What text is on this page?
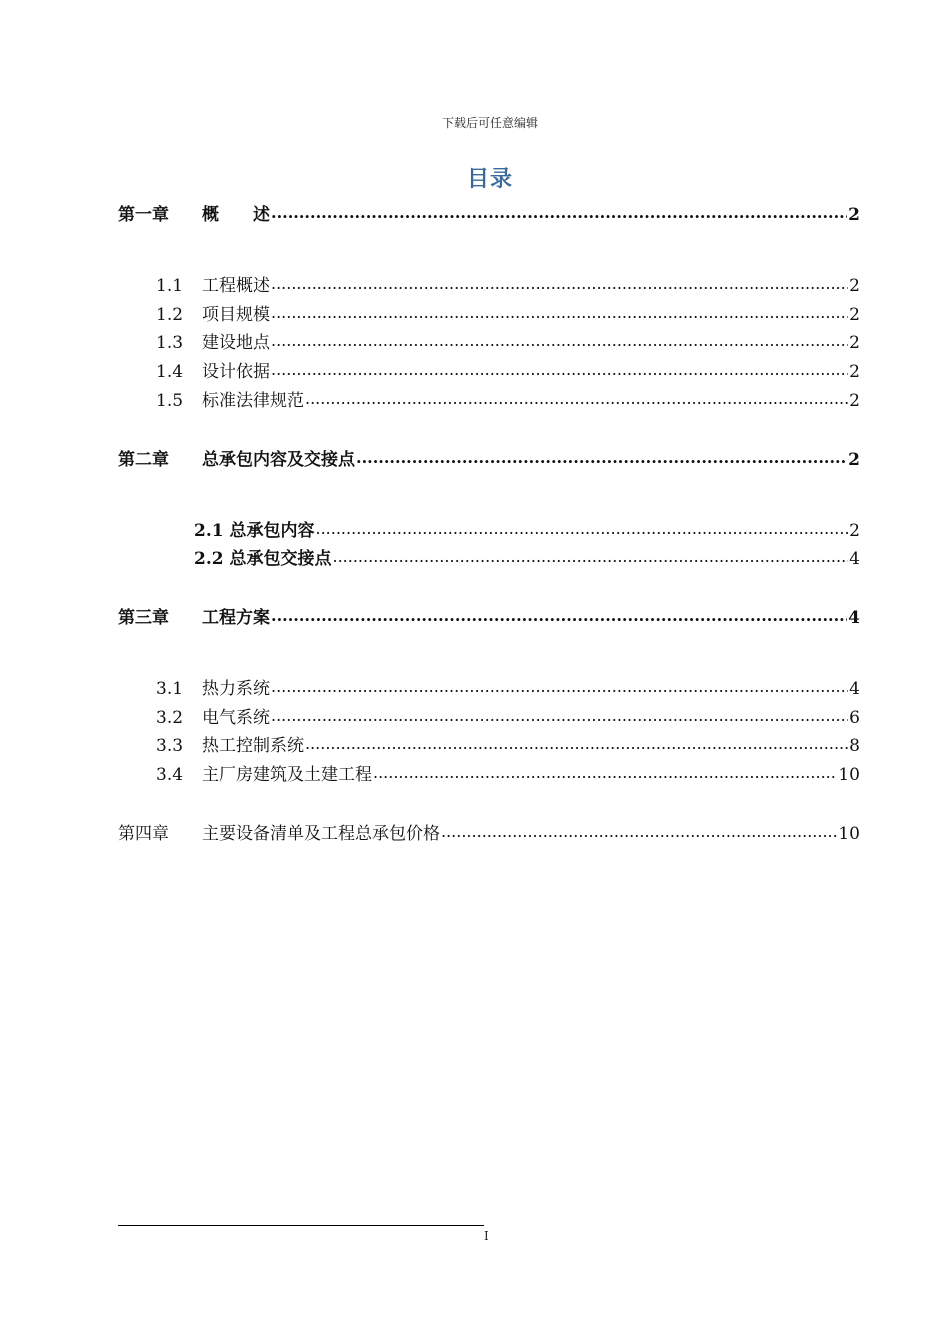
下载后可任意编辑
目录
第一章	概　　述 .....	2
1.1	工程概述 .....	2
1.2	项目规模 .....	2
1.3	建设地点 .....	2
1.4	设计依据 .....	2
1.5	标准法律规范 .....	2
第二章	总承包内容及交接点 .....	2
2.1 总承包内容 .....	2
2.2 总承包交接点 .....	4
第三章	工程方案 .....	4
3.1	热力系统 .....	4
3.2	电气系统 .....	6
3.3	热工控制系统 .....	8
3.4	主厂房建筑及土建工程 .....	10
第四章	主要设备清单及工程总承包价格 .....	10
I
